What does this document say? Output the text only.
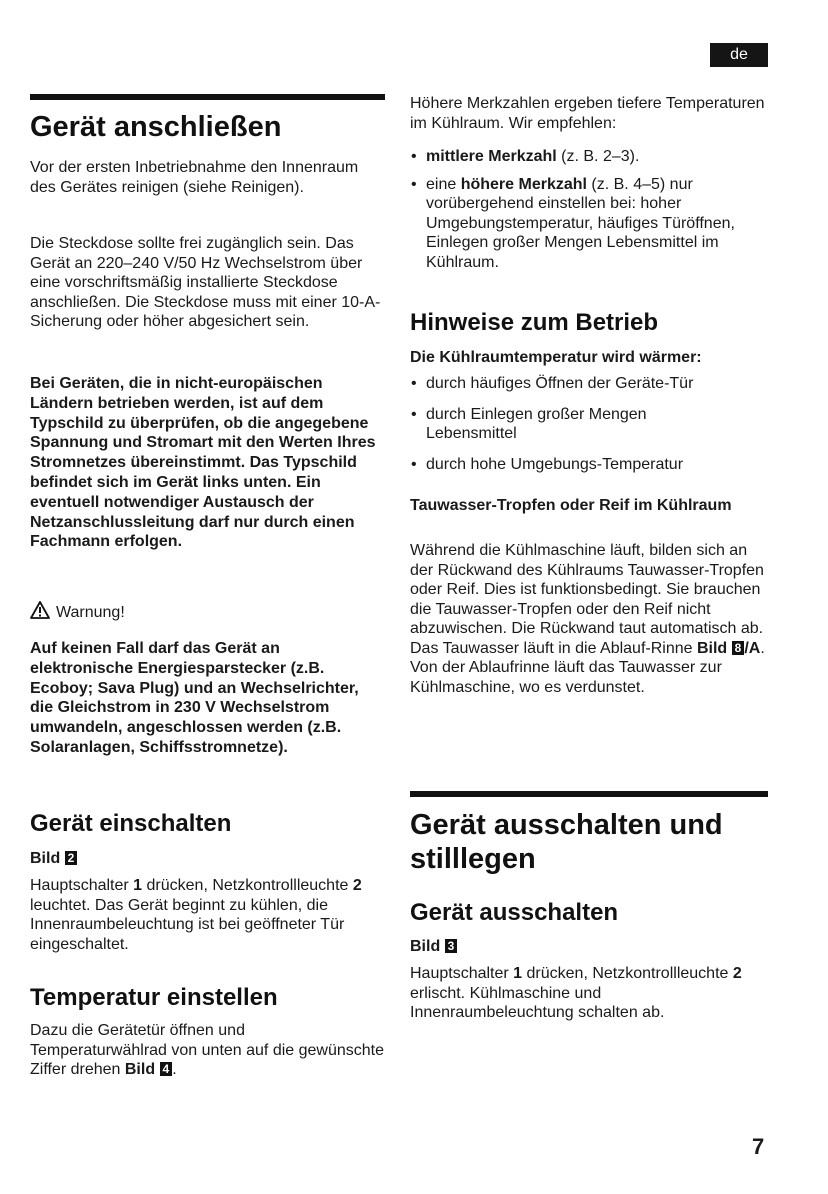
de
Gerät anschließen

Vor der ersten Inbetriebnahme den Innenraum des Gerätes reinigen (siehe Reinigen).

Die Steckdose sollte frei zugänglich sein. Das Gerät an 220–240 V/50 Hz Wechselstrom über eine vorschriftsmäßig installierte Steckdose anschließen. Die Steckdose muss mit einer 10-A-Sicherung oder höher abgesichert sein.

Bei Geräten, die in nicht-europäischen Ländern betrieben werden, ist auf dem Typschild zu überprüfen, ob die angegebene Spannung und Stromart mit den Werten Ihres Stromnetzes übereinstimmt. Das Typschild befindet sich im Gerät links unten. Ein eventuell notwendiger Austausch der Netzanschlussleitung darf nur durch einen Fachmann erfolgen.

Warnung!

Auf keinen Fall darf das Gerät an elektronische Energiesparstecker (z.B. Ecoboy; Sava Plug) und an Wechselrichter, die Gleichstrom in 230 V Wechselstrom umwandeln, angeschlossen werden (z.B. Solaranlagen, Schiffsstromnetze).

Gerät einschalten
Bild 2

Hauptschalter 1 drücken, Netzkontrollleuchte 2 leuchtet. Das Gerät beginnt zu kühlen, die Innenraumbeleuchtung ist bei geöffneter Tür eingeschaltet.

Temperatur einstellen

Dazu die Gerätetür öffnen und Temperaturwählrad von unten auf die gewünschte Ziffer drehen Bild 4 .

Höhere Merkzahlen ergeben tiefere Temperaturen im Kühlraum. Wir empfehlen:

• mittlere Merkzahl (z. B. 2–3).
• eine höhere Merkzahl (z. B. 4–5) nur vorübergehend einstellen bei: hoher Umgebungstemperatur, häufiges Türöffnen, Einlegen großer Mengen Lebensmittel im Kühlraum.
Hinweise zum Betrieb
Die Kühlraumtemperatur wird wärmer:
• durch häufiges Öffnen der Geräte-Tür
• durch Einlegen großer Mengen Lebensmittel
• durch hohe Umgebungs-Temperatur
Tauwasser-Tropfen oder Reif im Kühlraum

Während die Kühlmaschine läuft, bilden sich an der Rückwand des Kühlraums Tauwasser-Tropfen oder Reif. Dies ist funktionsbedingt. Sie brauchen die Tauwasser-Tropfen oder den Reif nicht abzuwischen. Die Rückwand taut automatisch ab. Das Tauwasser läuft in die Ablauf-Rinne Bild 8 /A. Von der Ablaufrinne läuft das Tauwasser zur Kühlmaschine, wo es verdunstet.

Gerät ausschalten und stilllegen
Gerät ausschalten
Bild 3

Hauptschalter 1 drücken, Netzkontrollleuchte 2 erlischt. Kühlmaschine und Innenraumbeleuchtung schalten ab.

7
